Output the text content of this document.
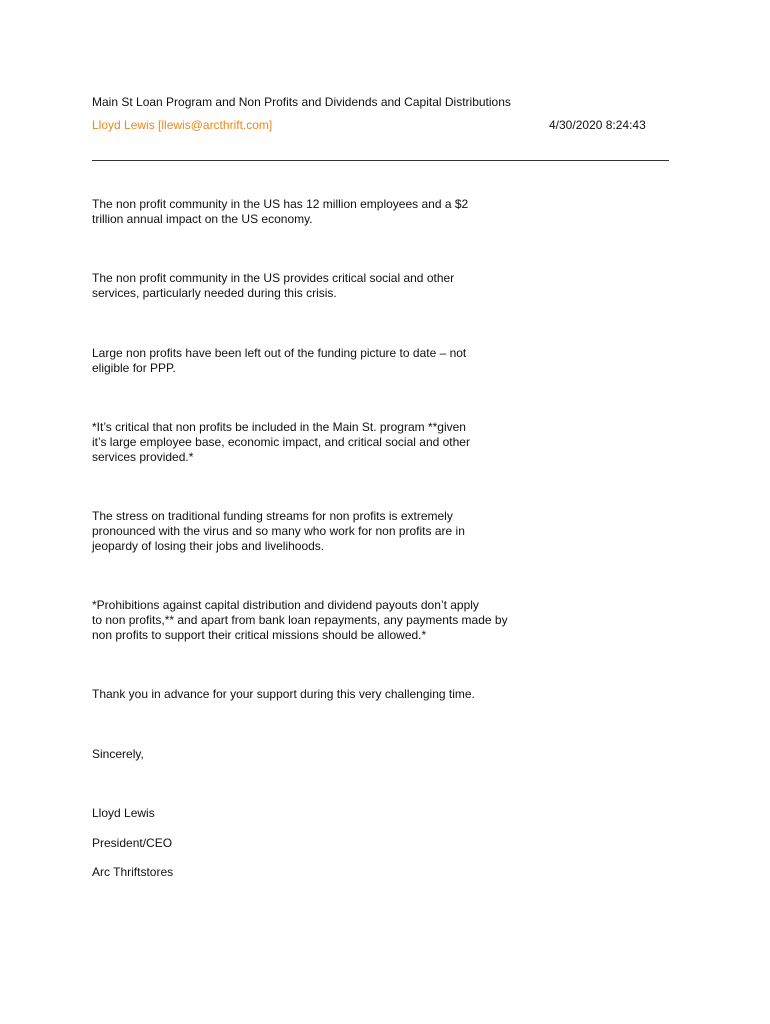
Main St Loan Program and Non Profits and Dividends and Capital Distributions
Lloyd Lewis [llewis@arcthrift.com]	4/30/2020 8:24:43

The non profit community in the US has 12 million employees and a $2
trillion annual impact on the US economy.

The non profit community in the US provides critical social and other
services, particularly needed during this crisis.

Large non profits have been left out of the funding picture to date – not
eligible for PPP.

*It’s critical that non profits be included in the Main St. program **given
it’s large employee base, economic impact, and critical social and other
services provided.*

The stress on traditional funding streams for non profits is extremely
pronounced with the virus and so many who work for non profits are in
jeopardy of losing their jobs and livelihoods.

*Prohibitions against capital distribution and dividend payouts don’t apply
to non profits,** and apart from bank loan repayments, any payments made by
non profits to support their critical missions should be allowed.*

Thank you in advance for your support during this very challenging time.

Sincerely,

Lloyd Lewis

President/CEO

Arc Thriftstores
